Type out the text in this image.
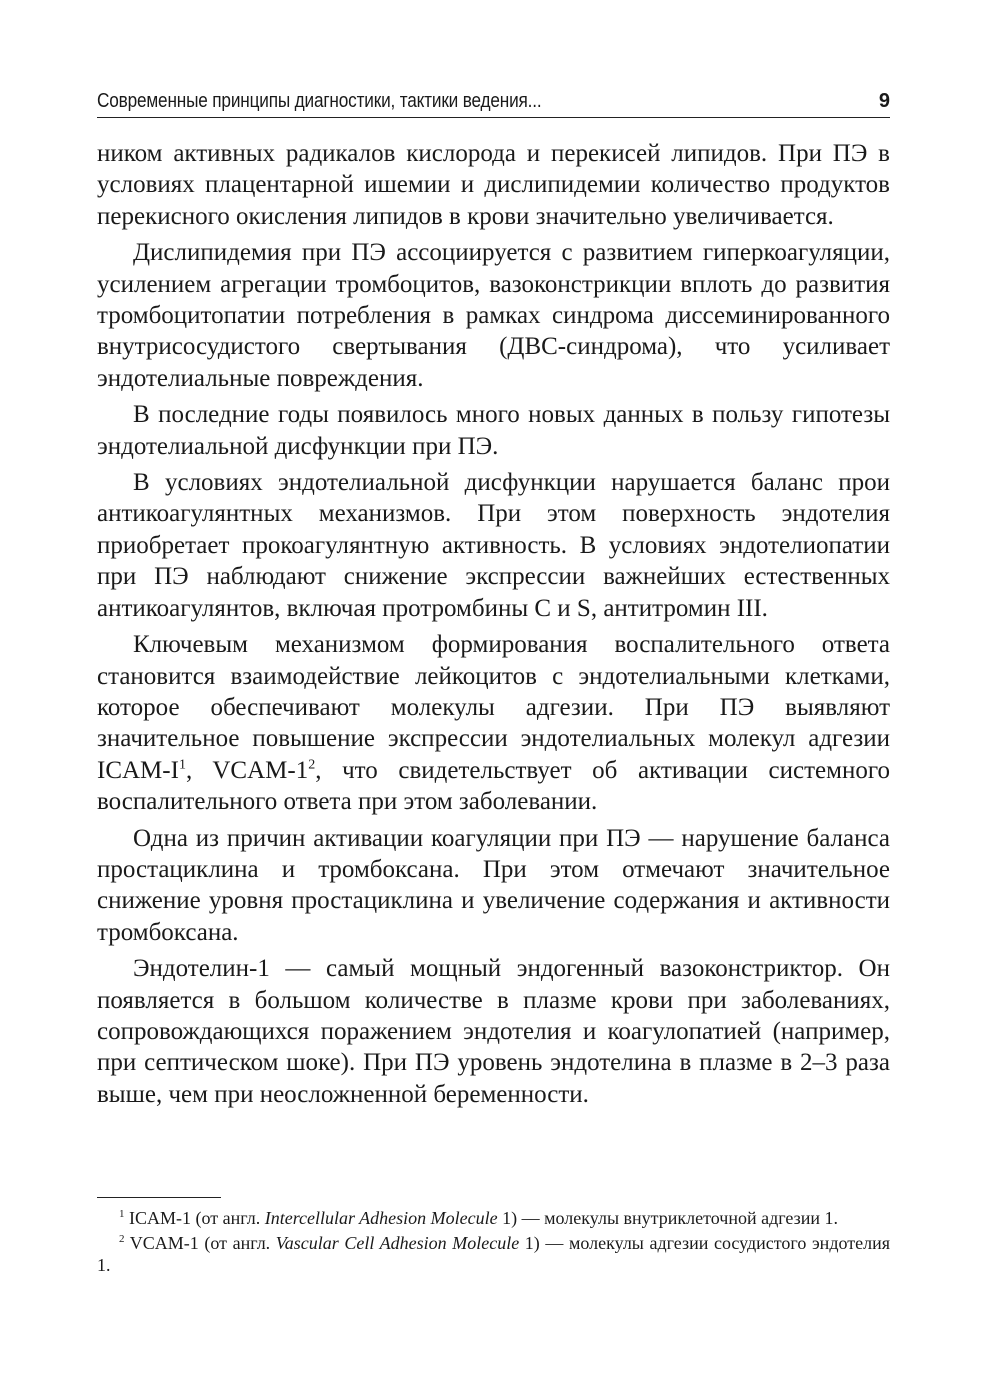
Современные принципы диагностики, тактики ведения...	9

ником активных радикалов кислорода и перекисей липидов. При ПЭ в условиях плацентарной ишемии и дислипидемии количество продуктов перекисного окисления липидов в крови значительно увеличивается.

Дислипидемия при ПЭ ассоциируется с развитием гиперкоагуляции, усилением агрегации тромбоцитов, вазоконстрикции вплоть до развития тромбоцитопатии потребления в рамках синдрома диссеминированного внутрисосудистого свертывания (ДВС-синдрома), что усиливает эндотелиальные повреждения.

В последние годы появилось много новых данных в пользу гипотезы эндотелиальной дисфункции при ПЭ.

В условиях эндотелиальной дисфункции нарушается баланс прои антикоагулянтных механизмов. При этом поверхность эндотелия приобретает прокоагулянтную активность. В условиях эндотелиопатии при ПЭ наблюдают снижение экспрессии важнейших естественных антикоагулянтов, включая протромбины C и S, антитромин III.

Ключевым механизмом формирования воспалительного ответа становится взаимодействие лейкоцитов с эндотелиальными клетками, которое обеспечивают молекулы адгезии. При ПЭ выявляют значительное повышение экспрессии эндотелиальных молекул адгезии ICAM-I$^1$, VCAM-1$^2$, что свидетельствует об активации системного воспалительного ответа при этом заболевании.

Одна из причин активации коагуляции при ПЭ — нарушение баланса простациклина и тромбоксана. При этом отмечают значительное снижение уровня простациклина и увеличение содержания и активности тромбоксана.

Эндотелин-1 — самый мощный эндогенный вазоконстриктор. Он появляется в большом количестве в плазме крови при заболеваниях, сопровождающихся поражением эндотелия и коагулопатией (например, при септическом шоке). При ПЭ уровень эндотелина в плазме в 2–3 раза выше, чем при неосложненной беременности.

$^1$ ICAM-1 (от англ. Intercellular Adhesion Molecule 1) — молекулы внутриклеточной адгезии 1.

$^2$ VCAM-1 (от англ. Vascular Cell Adhesion Molecule 1) — молекулы адгезии сосудистого эндотелия 1.
